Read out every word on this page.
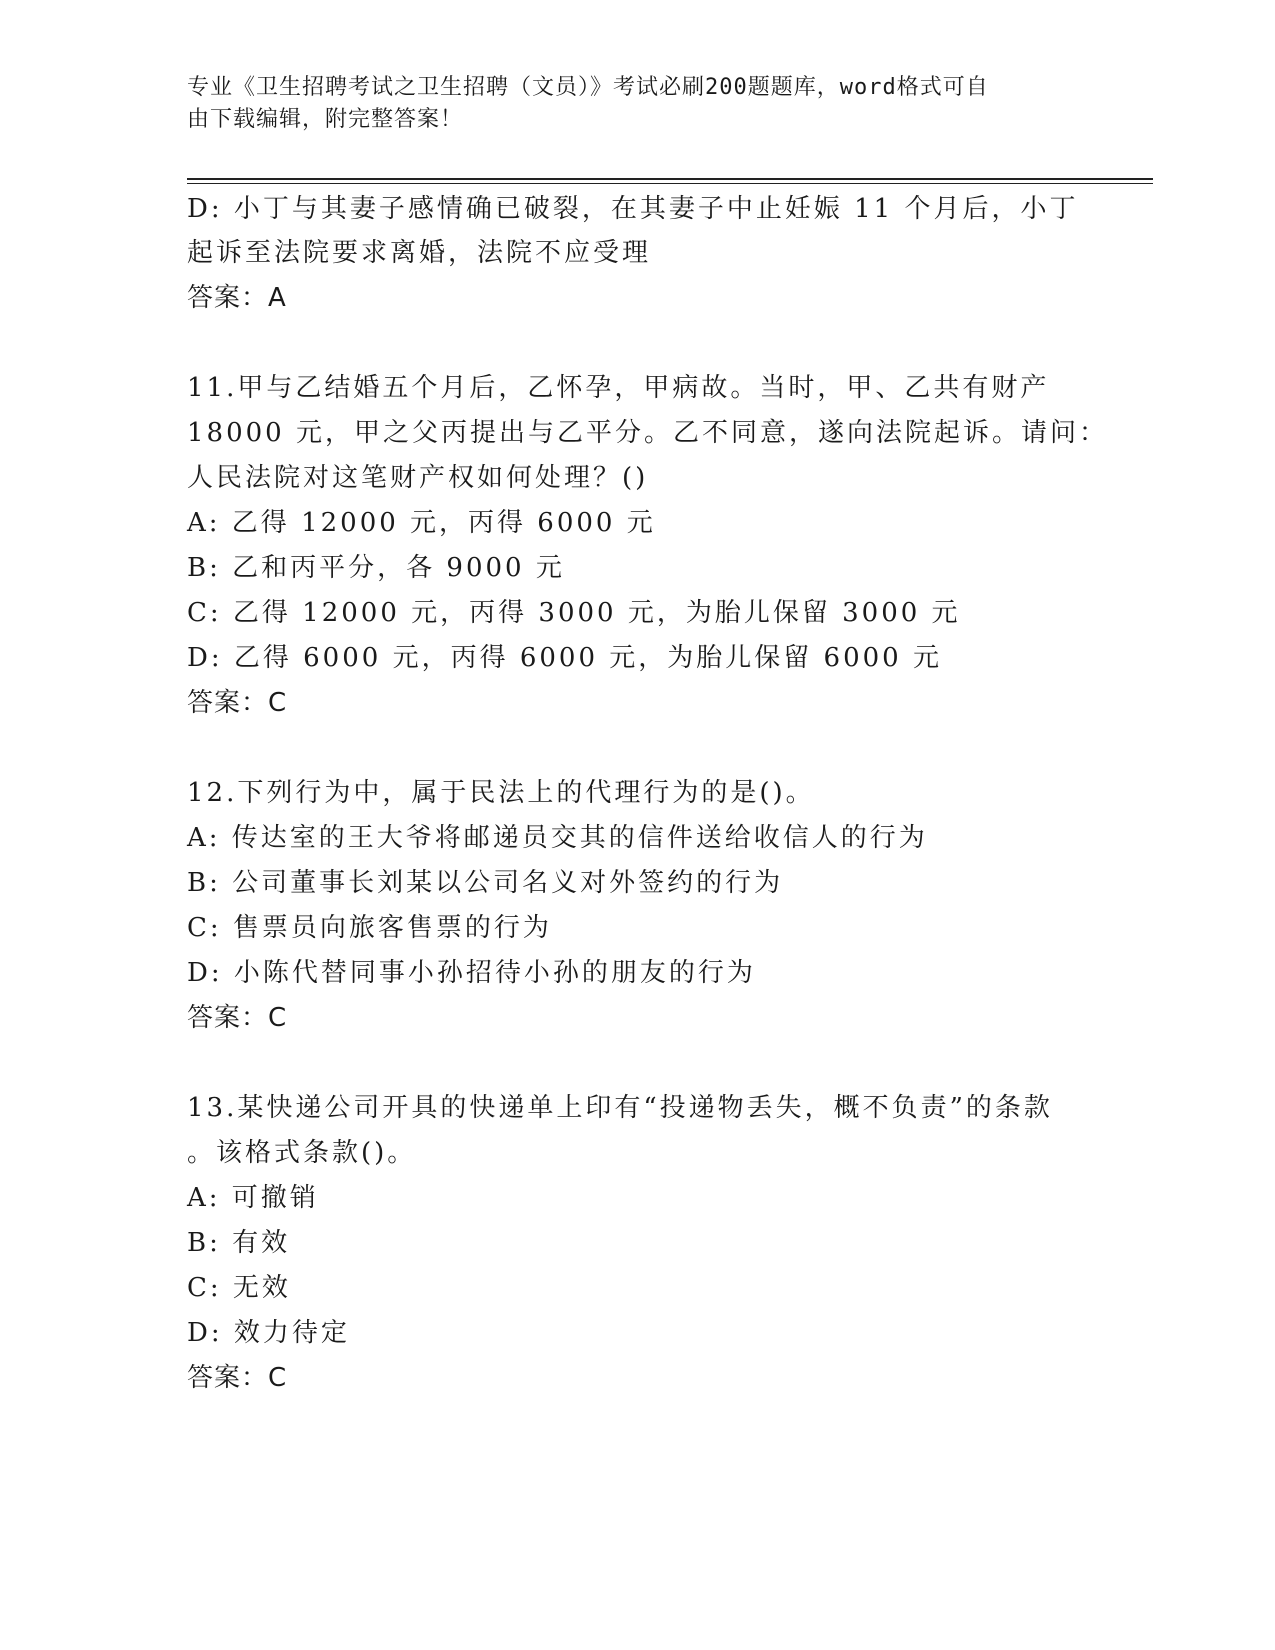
专业《卫生招聘考试之卫生招聘（文员）》考试必刷200题题库，word格式可自
由下载编辑，附完整答案！
D: 小丁与其妻子感情确已破裂，在其妻子中止妊娠 11 个月后，小丁
起诉至法院要求离婚，法院不应受理
答案：A
11.甲与乙结婚五个月后，乙怀孕，甲病故。当时，甲、乙共有财产
18000 元，甲之父丙提出与乙平分。乙不同意，遂向法院起诉。请问：
人民法院对这笔财产权如何处理？()
A: 乙得 12000 元，丙得 6000 元
B: 乙和丙平分，各 9000 元
C: 乙得 12000 元，丙得 3000 元，为胎儿保留 3000 元
D: 乙得 6000 元，丙得 6000 元，为胎儿保留 6000 元
答案：C
12.下列行为中，属于民法上的代理行为的是()。
A: 传达室的王大爷将邮递员交其的信件送给收信人的行为
B: 公司董事长刘某以公司名义对外签约的行为
C: 售票员向旅客售票的行为
D: 小陈代替同事小孙招待小孙的朋友的行为
答案：C
13.某快递公司开具的快递单上印有“投递物丢失，概不负责”的条款
。该格式条款()。
A: 可撤销
B: 有效
C: 无效
D: 效力待定
答案：C
